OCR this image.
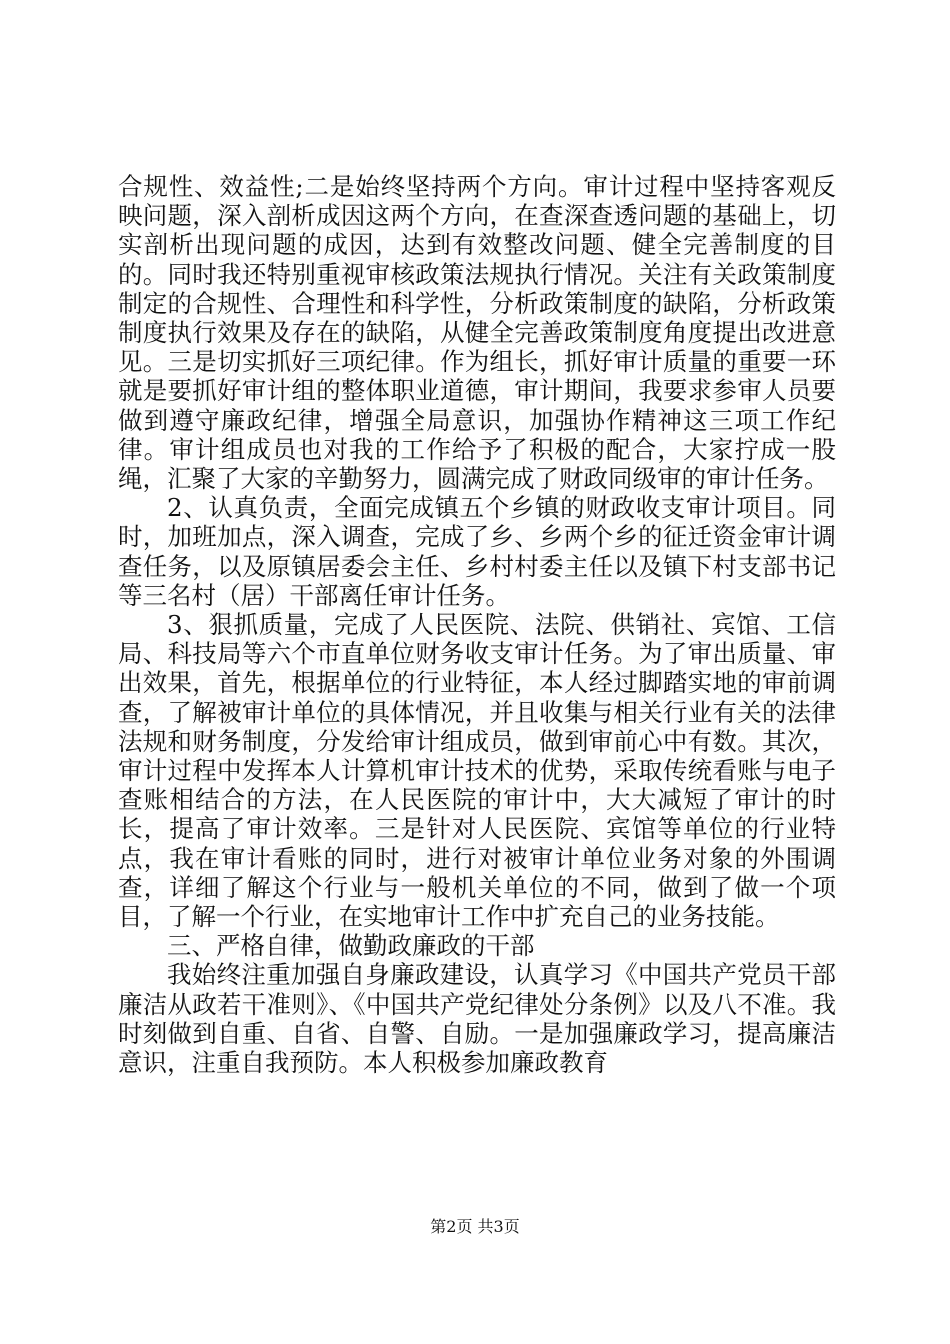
合规性、效益性;二是始终坚持两个方向。审计过程中坚持客观反映问题，深入剖析成因这两个方向，在查深查透问题的基础上，切实剖析出现问题的成因，达到有效整改问题、健全完善制度的目的。同时我还特别重视审核政策法规执行情况。关注有关政策制度制定的合规性、合理性和科学性，分析政策制度的缺陷，分析政策制度执行效果及存在的缺陷，从健全完善政策制度角度提出改进意见。三是切实抓好三项纪律。作为组长，抓好审计质量的重要一环就是要抓好审计组的整体职业道德，审计期间，我要求参审人员要做到遵守廉政纪律，增强全局意识，加强协作精神这三项工作纪律。审计组成员也对我的工作给予了积极的配合，大家拧成一股绳，汇聚了大家的辛勤努力，圆满完成了财政同级审的审计任务。

2、认真负责，全面完成镇五个乡镇的财政收支审计项目。同时，加班加点，深入调查，完成了乡、乡两个乡的征迁资金审计调查任务，以及原镇居委会主任、乡村村委主任以及镇下村支部书记等三名村（居）干部离任审计任务。

3、狠抓质量，完成了人民医院、法院、供销社、宾馆、工信局、科技局等六个市直单位财务收支审计任务。为了审出质量、审出效果，首先，根据单位的行业特征，本人经过脚踏实地的审前调查，了解被审计单位的具体情况，并且收集与相关行业有关的法律法规和财务制度，分发给审计组成员，做到审前心中有数。其次，审计过程中发挥本人计算机审计技术的优势，采取传统看账与电子查账相结合的方法，在人民医院的审计中，大大减短了审计的时长，提高了审计效率。三是针对人民医院、宾馆等单位的行业特点，我在审计看账的同时，进行对被审计单位业务对象的外围调查，详细了解这个行业与一般机关单位的不同，做到了做一个项目，了解一个行业，在实地审计工作中扩充自己的业务技能。

三、严格自律，做勤政廉政的干部

我始终注重加强自身廉政建设，认真学习《中国共产党员干部廉洁从政若干准则》、《中国共产党纪律处分条例》以及八不准。我时刻做到自重、自省、自警、自励。一是加强廉政学习，提高廉洁意识，注重自我预防。本人积极参加廉政教育

第2页 共3页
